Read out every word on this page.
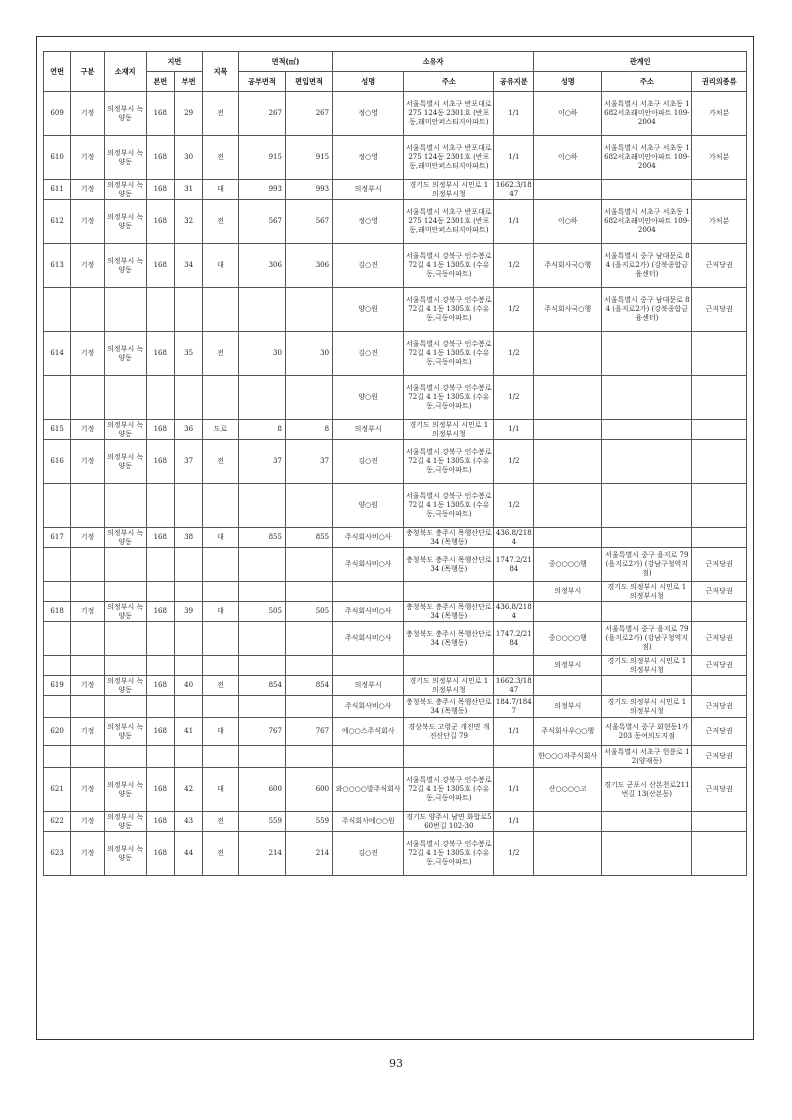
연번	구분	소재지	지번		지목	면적(㎡)		소유자			관계인		
			본번	부번		공부면적	편입면적	성명	주소	공유지분	성명	주소	권리의종류
609	기정	의정부시 녹양동	168	29	전	267	267	정○영	서울특별시 서초구 반포대로 275 124동 2301호 (반포동,래미안퍼스티지아파트)	1/1	이○하	서울특별시 서초구 서초동 1682서초래미안아파트 109-2004	가처분
610	기정	의정부시 녹양동	168	30	전	915	915	정○영	서울특별시 서초구 반포대로 275 124동 2301호 (반포동,래미안퍼스티지아파트)	1/1	이○하	서울특별시 서초구 서초동 1682서초래미안아파트 109-2004	가처분
611	기정	의정부시 녹양동	168	31	대	993	993	의정부시	경기도 의정부시 시민로 1 의정부시청	1662.3/1847			
612	기정	의정부시 녹양동	168	32	전	567	567	정○영	서울특별시 서초구 반포대로 275 124동 2301호 (반포동,래미안퍼스티지아파트)	1/1	이○하	서울특별시 서초구 서초동 1682서초래미안아파트 109-2004	가처분
613	기정	의정부시 녹양동	168	34	대	306	306	김○진	서울특별시 강북구 인수봉로72길 4 1동 1305호 (수유동,극동아파트)	1/2	주식회사국○행	서울특별시 중구 남대문로 84 (을지로2가) (강북종합금융센터)	근저당권
								양○원	서울특별시 강북구 인수봉로72길 4 1동 1305호 (수유동,극동아파트)	1/2	주식회사국○행	서울특별시 중구 남대문로 84 (을지로2가) (강북종합금융센터)	근저당권
614	기정	의정부시 녹양동	168	35	전	30	30	김○진	서울특별시 강북구 인수봉로72길 4 1동 1305호 (수유동,극동아파트)	1/2			
								양○원	서울특별시 강북구 인수봉로72길 4 1동 1305호 (수유동,극동아파트)	1/2			
615	기정	의정부시 녹양동	168	36	도로	8	8	의정부시	경기도 의정부시 시민로 1 의정부시청	1/1			
616	기정	의정부시 녹양동	168	37	전	37	37	김○진	서울특별시 강북구 인수봉로72길 4 1동 1305호 (수유동,극동아파트)	1/2			
								양○원	서울특별시 강북구 인수봉로72길 4 1동 1305호 (수유동,극동아파트)	1/2			
617	기정	의정부시 녹양동	168	38	대	855	855	주식회사비○사	충청북도 충주시 목행산단로 34 (목행동)	436.8/2184			
								주식회사비○사	충청북도 충주시 목행산단로 34 (목행동)	1747.2/2184	중○○○○행	서울특별시 중구 을지로 79(을지로2가) (강남구청역지점)	근저당권
											의정부시	경기도 의정부시 시민로 1 의정부시청	근저당권
618	기정	의정부시 녹양동	168	39	대	505	505	주식회사비○사	충청북도 충주시 목행산단로 34 (목행동)	436.8/2184			
								주식회사비○사	충청북도 충주시 목행산단로 34 (목행동)	1747.2/2184	중○○○○행	서울특별시 중구 을지로 79(을지로2가) (강남구청역지점)	근저당권
											의정부시	경기도 의정부시 시민로 1 의정부시청	근저당권
619	기정	의정부시 녹양동	168	40	전	854	854	의정부시	경기도 의정부시 시민로 1 의정부시청	1662.3/1847			
								주식회사비○사	충청북도 충주시 목행산단로 34 (목행동)	184.7/1847	의정부시	경기도 의정부시 시민로 1 의정부시청	근저당권
620	기정	의정부시 녹양동	168	41	대	767	767	에○○스주식회사	경상북도 고령군 개진면 개진산단길 79	1/1	주식회사우○○행	서울특별시 중구 회현동1가 203 동여의도지점	근저당권
											한○○○자주식회사	서울특별시 서초구 헌릉로 12(양재동)	근저당권
621	기정	의정부시 녹양동	168	42	대	600	600	와○○○○발주식회사	서울특별시 강북구 인수봉로72길 4 1동 1305호 (수유동,극동아파트)	1/1	산○○○○고	경기도 군포시 산본천로211번길 13(산본동)	근저당권
622	기정	의정부시 녹양동	168	43	전	559	559	주식회사에○○원	경기도 양주시 남면 화합로560번길 102-30	1/1			
623	기정	의정부시 녹양동	168	44	전	214	214	김○진	서울특별시 강북구 인수봉로72길 4 1동 1305호 (수유동,극동아파트)	1/2			
93
